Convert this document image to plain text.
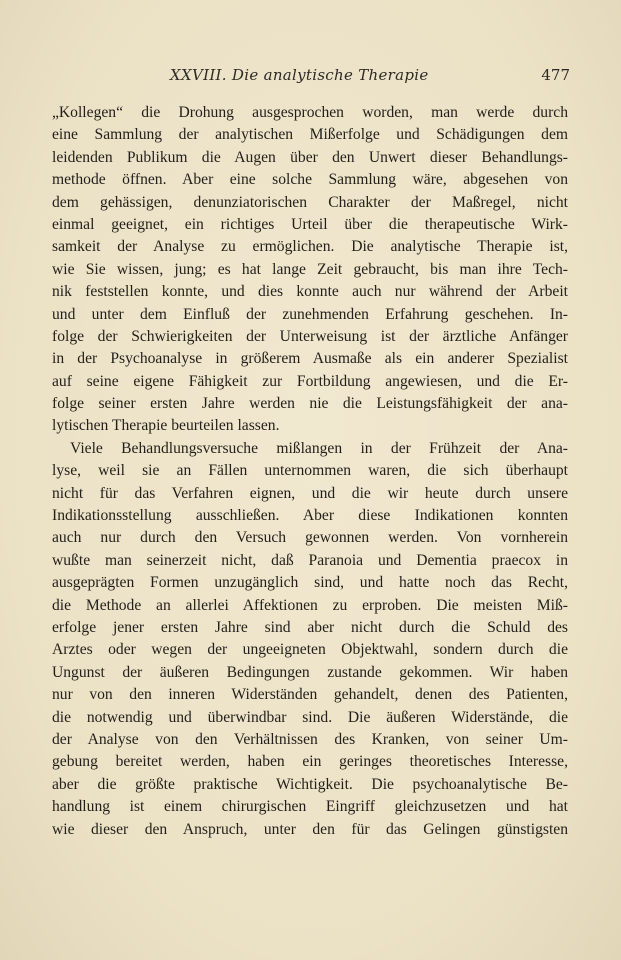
XXVIII. Die analytische Therapie	477
„Kollegen“ die Drohung ausgesprochen worden, man werde durch
eine Sammlung der analytischen Mißerfolge und Schädigungen dem
leidenden Publikum die Augen über den Unwert dieser Behandlungs-
methode öffnen. Aber eine solche Sammlung wäre, abgesehen von
dem gehässigen, denunziatorischen Charakter der Maßregel, nicht
einmal geeignet, ein richtiges Urteil über die therapeutische Wirk-
samkeit der Analyse zu ermöglichen. Die analytische Therapie ist,
wie Sie wissen, jung; es hat lange Zeit gebraucht, bis man ihre Tech-
nik feststellen konnte, und dies konnte auch nur während der Arbeit
und unter dem Einfluß der zunehmenden Erfahrung geschehen. In-
folge der Schwierigkeiten der Unterweisung ist der ärztliche Anfänger
in der Psychoanalyse in größerem Ausmaße als ein anderer Spezialist
auf seine eigene Fähigkeit zur Fortbildung angewiesen, und die Er-
folge seiner ersten Jahre werden nie die Leistungsfähigkeit der ana-
lytischen Therapie beurteilen lassen.
Viele Behandlungsversuche mißlangen in der Frühzeit der Ana-
lyse, weil sie an Fällen unternommen waren, die sich überhaupt
nicht für das Verfahren eignen, und die wir heute durch unsere
Indikationsstellung ausschließen. Aber diese Indikationen konnten
auch nur durch den Versuch gewonnen werden. Von vornherein
wußte man seinerzeit nicht, daß Paranoia und Dementia praecox in
ausgeprägten Formen unzugänglich sind, und hatte noch das Recht,
die Methode an allerlei Affektionen zu erproben. Die meisten Miß-
erfolge jener ersten Jahre sind aber nicht durch die Schuld des
Arztes oder wegen der ungeeigneten Objektwahl, sondern durch die
Ungunst der äußeren Bedingungen zustande gekommen. Wir haben
nur von den inneren Widerständen gehandelt, denen des Patienten,
die notwendig und überwindbar sind. Die äußeren Widerstände, die
der Analyse von den Verhältnissen des Kranken, von seiner Um-
gebung bereitet werden, haben ein geringes theoretisches Interesse,
aber die größte praktische Wichtigkeit. Die psychoanalytische Be-
handlung ist einem chirurgischen Eingriff gleichzusetzen und hat
wie dieser den Anspruch, unter den für das Gelingen günstigsten
